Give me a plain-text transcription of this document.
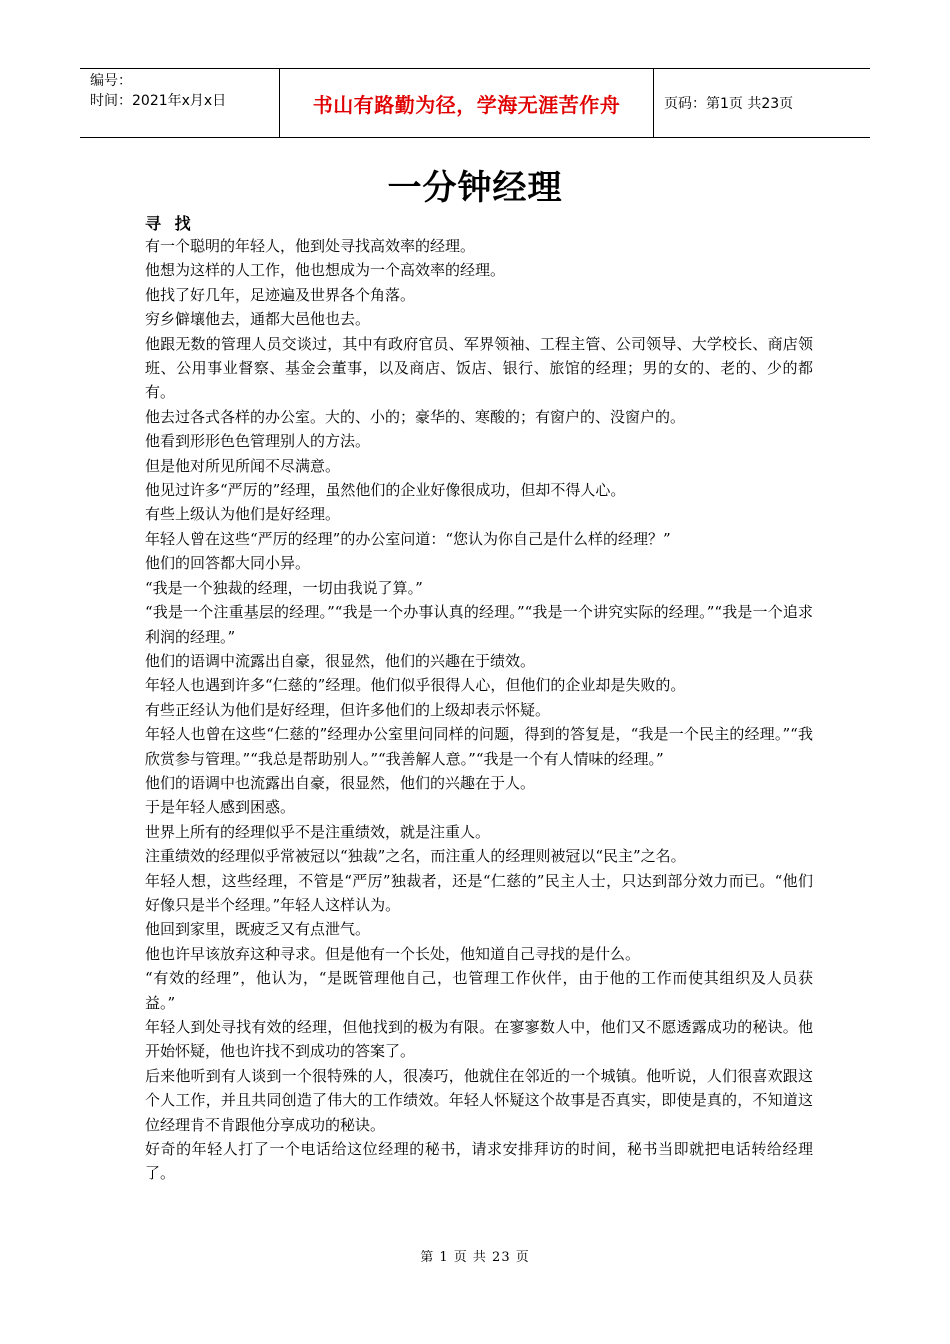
编号：
时间：2021年x月x日	书山有路勤为径，学海无涯苦作舟	页码：第1页 共23页
一分钟经理
寻 找

有一个聪明的年轻人，他到处寻找高效率的经理。

他想为这样的人工作，他也想成为一个高效率的经理。

他找了好几年，足迹遍及世界各个角落。

穷乡僻壤他去，通都大邑他也去。

他跟无数的管理人员交谈过，其中有政府官员、军界领袖、工程主管、公司领导、大学校长、商店领班、公用事业督察、基金会董事，以及商店、饭店、银行、旅馆的经理；男的女的、老的、少的都有。

他去过各式各样的办公室。大的、小的；豪华的、寒酸的；有窗户的、没窗户的。

他看到形形色色管理别人的方法。

但是他对所见所闻不尽满意。

他见过许多“严厉的”经理，虽然他们的企业好像很成功，但却不得人心。

有些上级认为他们是好经理。

年轻人曾在这些“严厉的经理”的办公室问道：“您认为你自己是什么样的经理？”

他们的回答都大同小异。

“我是一个独裁的经理，一切由我说了算。”

“我是一个注重基层的经理。”“我是一个办事认真的经理。”“我是一个讲究实际的经理。”“我是一个追求利润的经理。”

他们的语调中流露出自豪，很显然，他们的兴趣在于绩效。

年轻人也遇到许多“仁慈的”经理。他们似乎很得人心，但他们的企业却是失败的。

有些正经认为他们是好经理，但许多他们的上级却表示怀疑。

年轻人也曾在这些“仁慈的”经理办公室里问同样的问题，得到的答复是，“我是一个民主的经理。”“我欣赏参与管理。”“我总是帮助别人。”“我善解人意。”“我是一个有人情味的经理。”

他们的语调中也流露出自豪，很显然，他们的兴趣在于人。

于是年轻人感到困惑。

世界上所有的经理似乎不是注重绩效，就是注重人。

注重绩效的经理似乎常被冠以“独裁”之名，而注重人的经理则被冠以“民主”之名。

年轻人想，这些经理，不管是“严厉”独裁者，还是“仁慈的”民主人士，只达到部分效力而已。“他们好像只是半个经理。”年轻人这样认为。

他回到家里，既疲乏又有点泄气。

他也许早该放弃这种寻求。但是他有一个长处，他知道自己寻找的是什么。

“有效的经理”，他认为，“是既管理他自己，也管理工作伙伴，由于他的工作而使其组织及人员获益。”

年轻人到处寻找有效的经理，但他找到的极为有限。在寥寥数人中，他们又不愿透露成功的秘诀。他开始怀疑，他也许找不到成功的答案了。

后来他听到有人谈到一个很特殊的人，很凑巧，他就住在邻近的一个城镇。他听说，人们很喜欢跟这个人工作，并且共同创造了伟大的工作绩效。年轻人怀疑这个故事是否真实，即使是真的，不知道这位经理肯不肯跟他分享成功的秘诀。

好奇的年轻人打了一个电话给这位经理的秘书，请求安排拜访的时间，秘书当即就把电话转给经理了。

第 1 页 共 23 页
